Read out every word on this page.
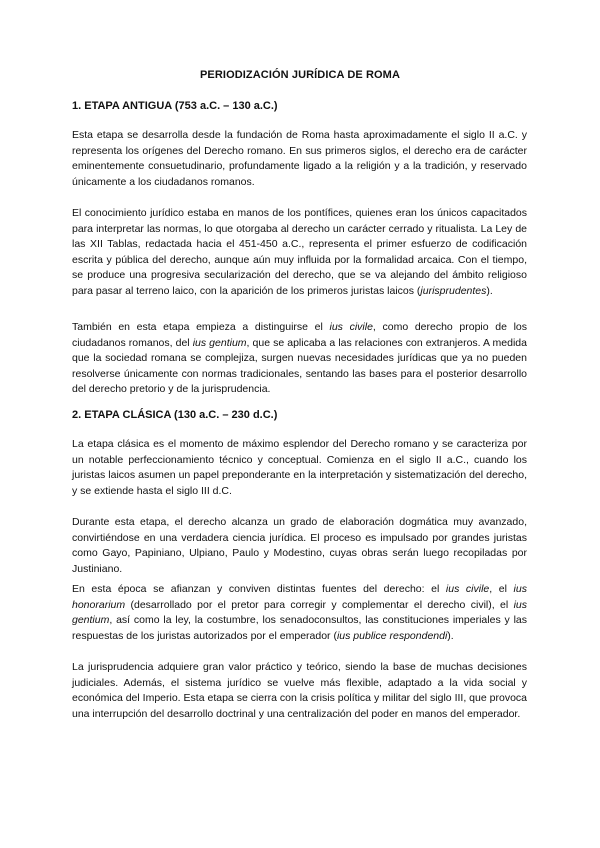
PERIODIZACIÓN JURÍDICA DE ROMA
1. ETAPA ANTIGUA (753 a.C. – 130 a.C.)

Esta etapa se desarrolla desde la fundación de Roma hasta aproximadamente el siglo II a.C. y representa los orígenes del Derecho romano. En sus primeros siglos, el derecho era de carácter eminentemente consuetudinario, profundamente ligado a la religión y a la tradición, y reservado únicamente a los ciudadanos romanos.

El conocimiento jurídico estaba en manos de los pontífices, quienes eran los únicos capacitados para interpretar las normas, lo que otorgaba al derecho un carácter cerrado y ritualista. La Ley de las XII Tablas, redactada hacia el 451-450 a.C., representa el primer esfuerzo de codificación escrita y pública del derecho, aunque aún muy influida por la formalidad arcaica. Con el tiempo, se produce una progresiva secularización del derecho, que se va alejando del ámbito religioso para pasar al terreno laico, con la aparición de los primeros juristas laicos (jurisprudentes).

También en esta etapa empieza a distinguirse el ius civile, como derecho propio de los ciudadanos romanos, del ius gentium, que se aplicaba a las relaciones con extranjeros. A medida que la sociedad romana se complejiza, surgen nuevas necesidades jurídicas que ya no pueden resolverse únicamente con normas tradicionales, sentando las bases para el posterior desarrollo del derecho pretorio y de la jurisprudencia.

2. ETAPA CLÁSICA (130 a.C. – 230 d.C.)

La etapa clásica es el momento de máximo esplendor del Derecho romano y se caracteriza por un notable perfeccionamiento técnico y conceptual. Comienza en el siglo II a.C., cuando los juristas laicos asumen un papel preponderante en la interpretación y sistematización del derecho, y se extiende hasta el siglo III d.C.

Durante esta etapa, el derecho alcanza un grado de elaboración dogmática muy avanzado, convirtiéndose en una verdadera ciencia jurídica. El proceso es impulsado por grandes juristas como Gayo, Papiniano, Ulpiano, Paulo y Modestino, cuyas obras serán luego recopiladas por Justiniano.

En esta época se afianzan y conviven distintas fuentes del derecho: el ius civile, el ius honorarium (desarrollado por el pretor para corregir y complementar el derecho civil), el ius gentium, así como la ley, la costumbre, los senadoconsultos, las constituciones imperiales y las respuestas de los juristas autorizados por el emperador (ius publice respondendi).

La jurisprudencia adquiere gran valor práctico y teórico, siendo la base de muchas decisiones judiciales. Además, el sistema jurídico se vuelve más flexible, adaptado a la vida social y económica del Imperio. Esta etapa se cierra con la crisis política y militar del siglo III, que provoca una interrupción del desarrollo doctrinal y una centralización del poder en manos del emperador.
